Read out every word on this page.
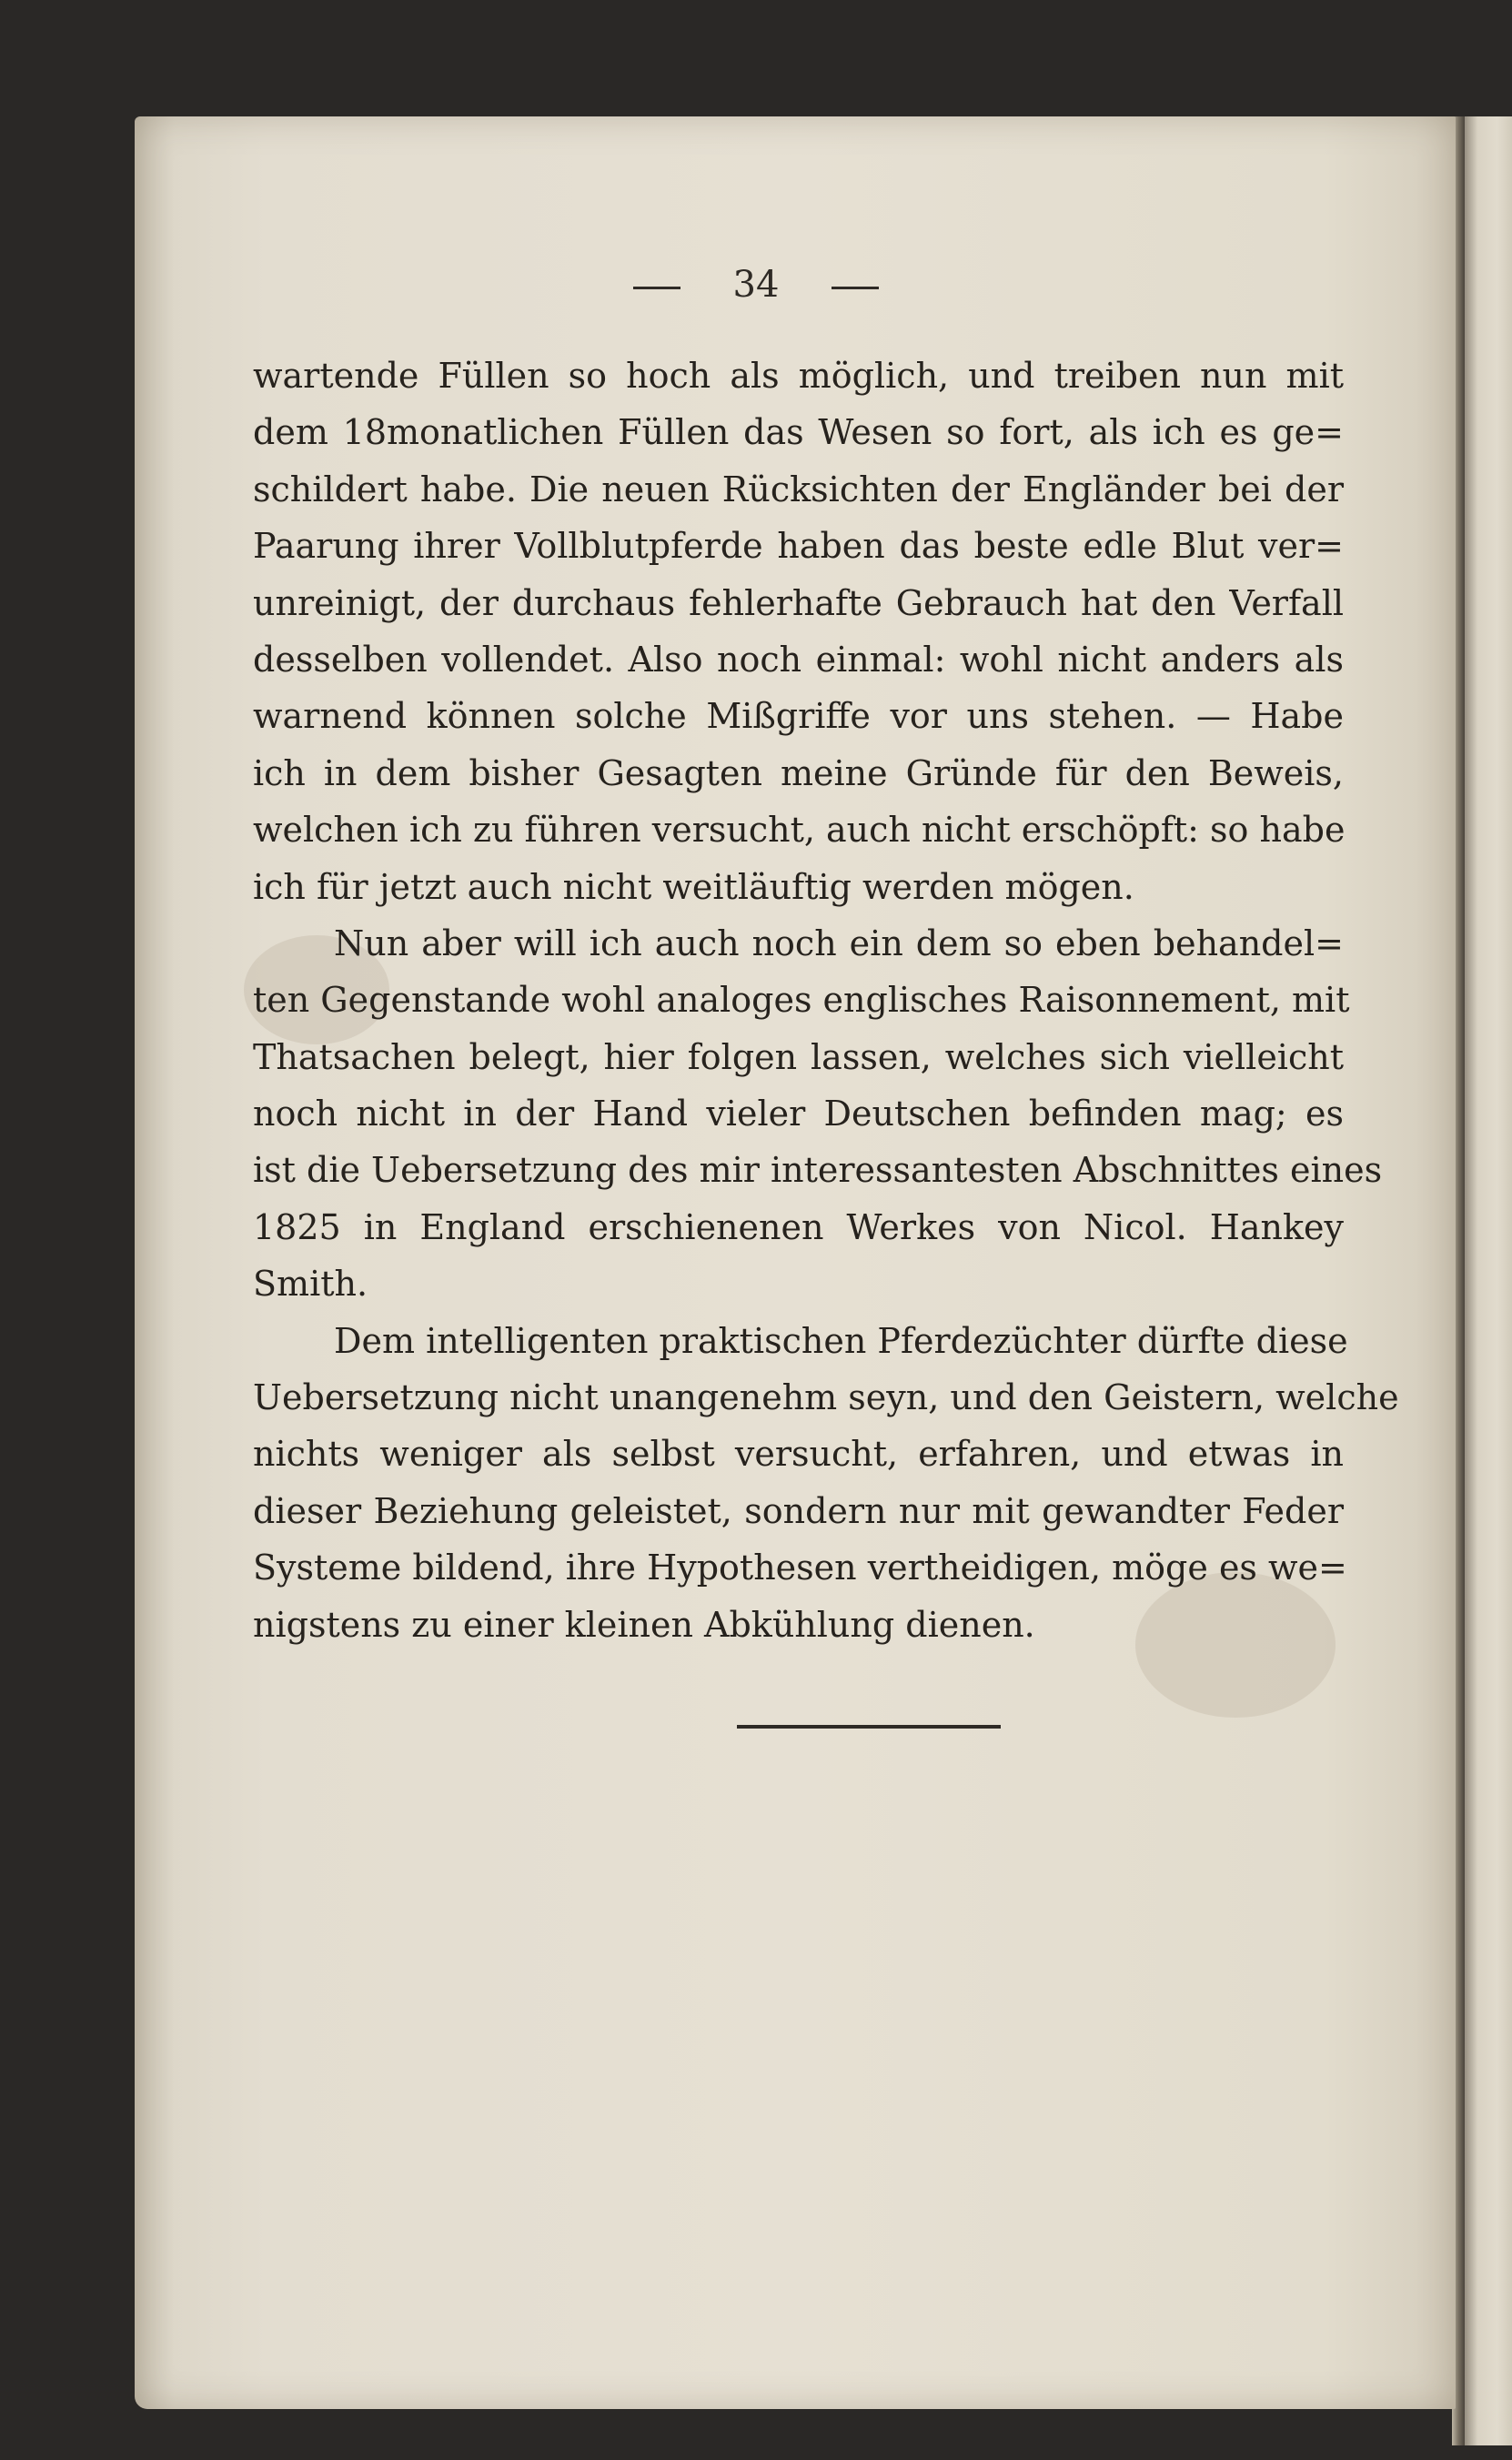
34
wartende Füllen so hoch als möglich, und treiben nun mit
dem 18monatlichen Füllen das Wesen so fort, als ich es ge=
schildert habe. Die neuen Rücksichten der Engländer bei der
Paarung ihrer Vollblutpferde haben das beste edle Blut ver=
unreinigt, der durchaus fehlerhafte Gebrauch hat den Verfall
desselben vollendet. Also noch einmal: wohl nicht anders als
warnend können solche Mißgriffe vor uns stehen. — Habe
ich in dem bisher Gesagten meine Gründe für den Beweis,
welchen ich zu führen versucht, auch nicht erschöpft: so habe
ich für jetzt auch nicht weitläuftig werden mögen.
Nun aber will ich auch noch ein dem so eben behandel=
ten Gegenstande wohl analoges englisches Raisonnement, mit
Thatsachen belegt, hier folgen lassen, welches sich vielleicht
noch nicht in der Hand vieler Deutschen befinden mag; es
ist die Uebersetzung des mir interessantesten Abschnittes eines
1825 in England erschienenen Werkes von Nicol. Hankey
Smith.
Dem intelligenten praktischen Pferdezüchter dürfte diese
Uebersetzung nicht unangenehm seyn, und den Geistern, welche
nichts weniger als selbst versucht, erfahren, und etwas in
dieser Beziehung geleistet, sondern nur mit gewandter Feder
Systeme bildend, ihre Hypothesen vertheidigen, möge es we=
nigstens zu einer kleinen Abkühlung dienen.
